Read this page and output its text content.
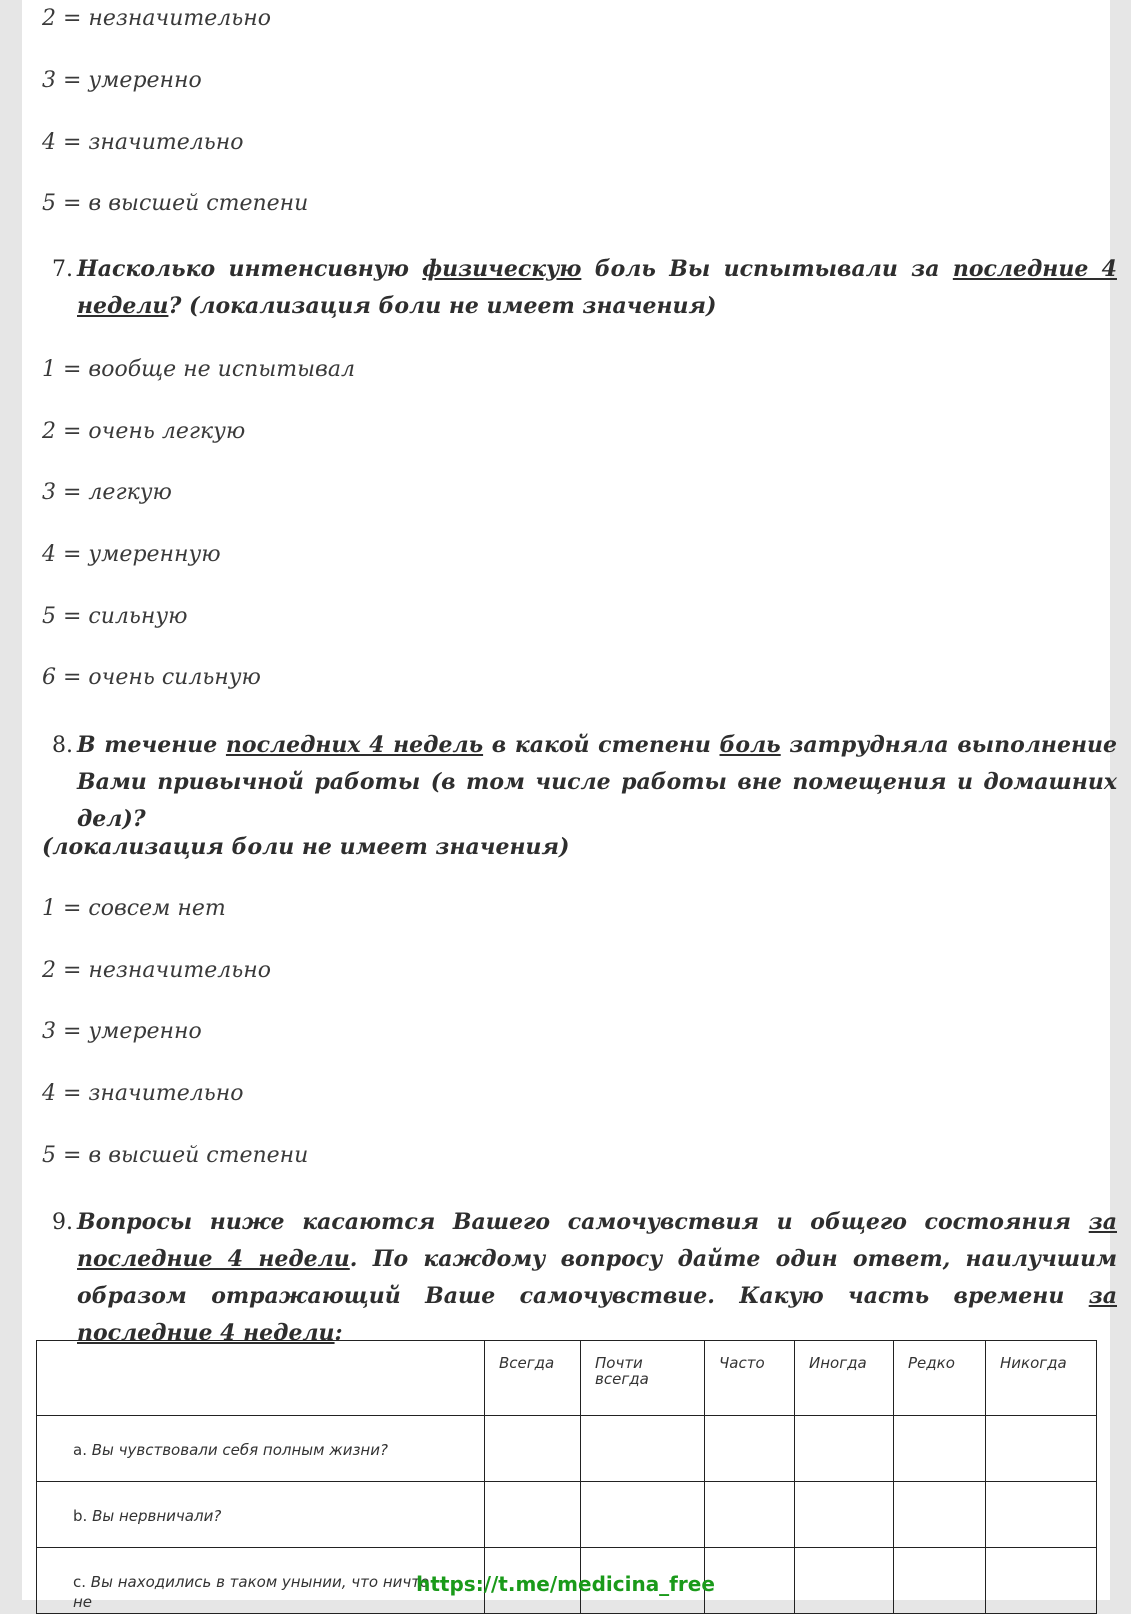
2 = незначительно

3 = умеренно

4 = значительно

5 = в высшей степени

7. Насколько интенсивную физическую боль Вы испытывали за последние 4 недели? (локализация боли не имеет значения)

1 = вообще не испытывал

2 = очень легкую

3 = легкую

4 = умеренную

5 = сильную

6 = очень сильную

8. В течение последних 4 недель в какой степени боль затрудняла выполнение Вами привычной работы (в том числе работы вне помещения и домашних дел)?

(локализация боли не имеет значения)

1 = совсем нет

2 = незначительно

3 = умеренно

4 = значительно

5 = в высшей степени

9. Вопросы ниже касаются Вашего самочувствия и общего состояния за последние 4 недели. По каждому вопросу дайте один ответ, наилучшим образом отражающий Ваше самочувствие. Какую часть времени за последние 4 недели:

	Всегда	Почти всегда	Часто	Иногда	Редко	Никогда
a. Вы чувствовали себя полным жизни?						
b. Вы нервничали?						
c. Вы находились в таком унынии, что ничто не						
https://t.me/medicina_free
